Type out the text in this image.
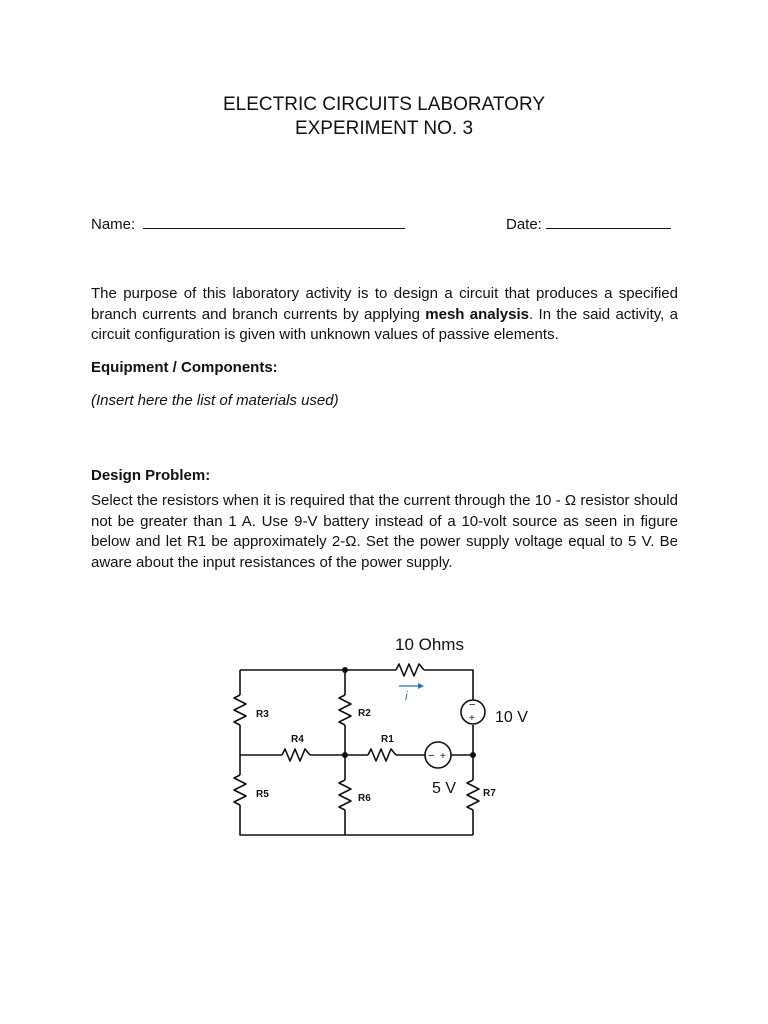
ELECTRIC CIRCUITS LABORATORY
EXPERIMENT NO. 3
Name:	Date:

The purpose of this laboratory activity is to design a circuit that produces a specified branch currents and branch currents by applying mesh analysis. In the said activity, a circuit configuration is given with unknown values of passive elements.

Equipment / Components:
(Insert here the list of materials used)
Design Problem:

Select the resistors when it is required that the current through the 10 - Ω resistor should not be greater than 1 A. Use 9-V battery instead of a 10-volt source as seen in figure below and let R1 be approximately 2-Ω. Set the power supply voltage equal to 5 V. Be aware about the input resistances of the power supply.

10 Ohms
i
10 V
−
+
5 V
− +
R3	R2
R4	R1
R5	R6	R7
